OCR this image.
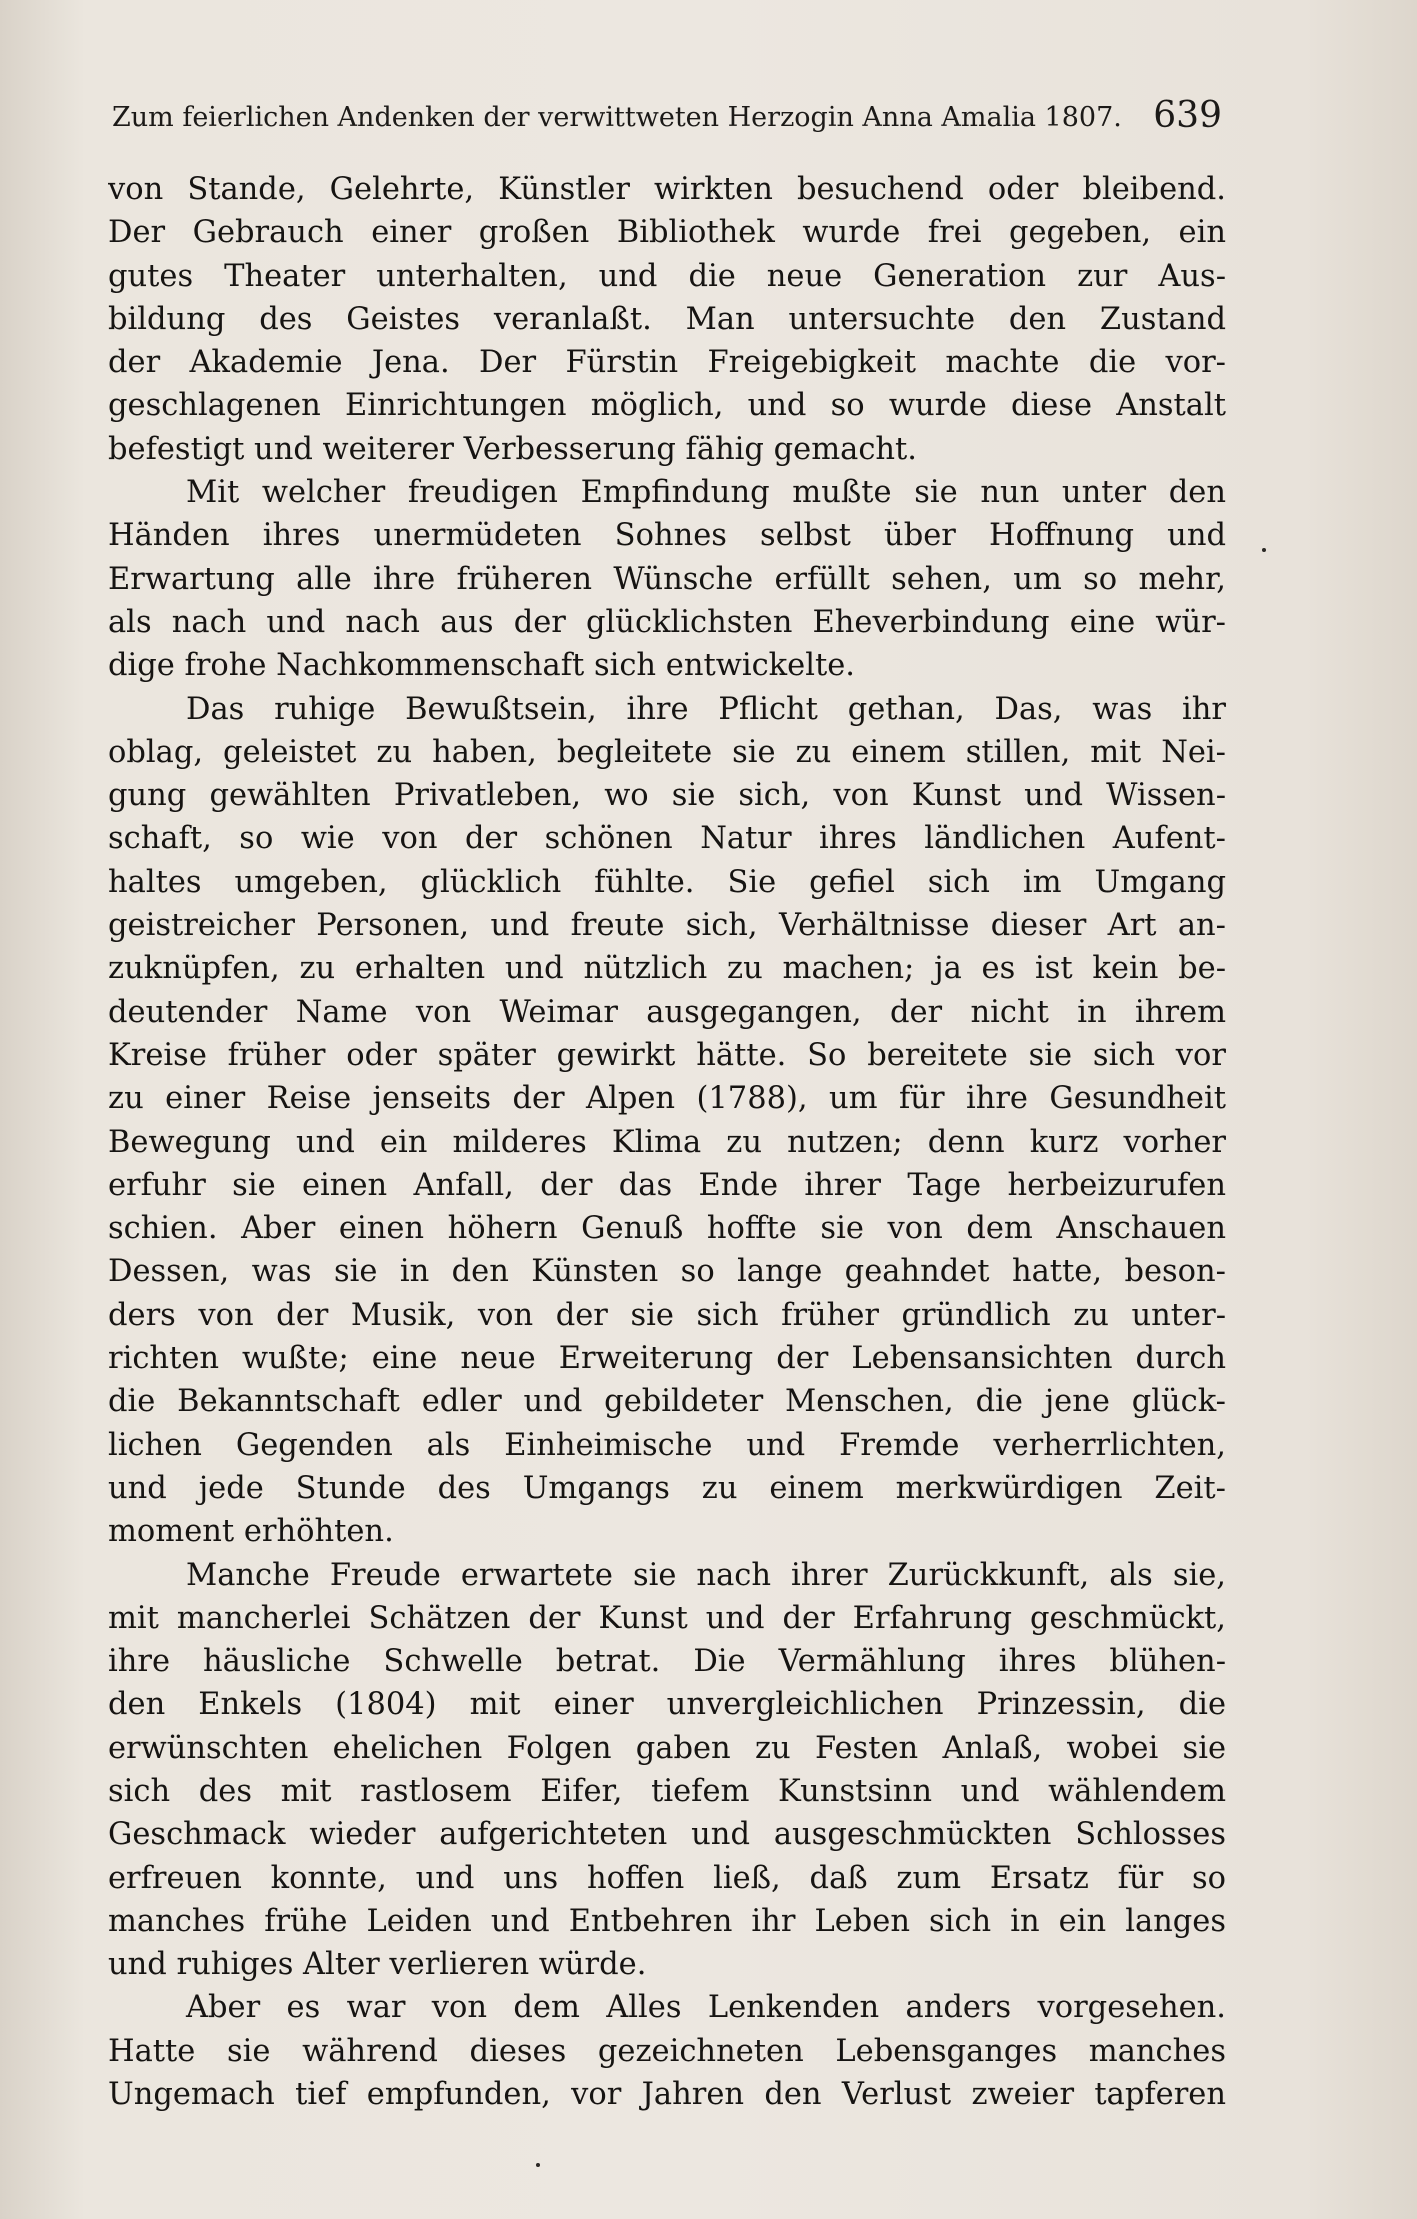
Zum feierlichen Andenken der verwittweten Herzogin Anna Amalia 1807. 639
von Stande, Gelehrte, Künstler wirkten besuchend oder bleibend.
Der Gebrauch einer großen Bibliothek wurde frei gegeben, ein
gutes Theater unterhalten, und die neue Generation zur Aus-
bildung des Geistes veranlaßt. Man untersuchte den Zustand
der Akademie Jena. Der Fürstin Freigebigkeit machte die vor-
geschlagenen Einrichtungen möglich, und so wurde diese Anstalt
befestigt und weiterer Verbesserung fähig gemacht.
Mit welcher freudigen Empfindung mußte sie nun unter den
Händen ihres unermüdeten Sohnes selbst über Hoffnung und
Erwartung alle ihre früheren Wünsche erfüllt sehen, um so mehr,
als nach und nach aus der glücklichsten Eheverbindung eine wür-
dige frohe Nachkommenschaft sich entwickelte.
Das ruhige Bewußtsein, ihre Pflicht gethan, Das, was ihr
oblag, geleistet zu haben, begleitete sie zu einem stillen, mit Nei-
gung gewählten Privatleben, wo sie sich, von Kunst und Wissen-
schaft, so wie von der schönen Natur ihres ländlichen Aufent-
haltes umgeben, glücklich fühlte. Sie gefiel sich im Umgang
geistreicher Personen, und freute sich, Verhältnisse dieser Art an-
zuknüpfen, zu erhalten und nützlich zu machen; ja es ist kein be-
deutender Name von Weimar ausgegangen, der nicht in ihrem
Kreise früher oder später gewirkt hätte. So bereitete sie sich vor
zu einer Reise jenseits der Alpen (1788), um für ihre Gesundheit
Bewegung und ein milderes Klima zu nutzen; denn kurz vorher
erfuhr sie einen Anfall, der das Ende ihrer Tage herbeizurufen
schien. Aber einen höhern Genuß hoffte sie von dem Anschauen
Dessen, was sie in den Künsten so lange geahndet hatte, beson-
ders von der Musik, von der sie sich früher gründlich zu unter-
richten wußte; eine neue Erweiterung der Lebensansichten durch
die Bekanntschaft edler und gebildeter Menschen, die jene glück-
lichen Gegenden als Einheimische und Fremde verherrlichten,
und jede Stunde des Umgangs zu einem merkwürdigen Zeit-
moment erhöhten.
Manche Freude erwartete sie nach ihrer Zurückkunft, als sie,
mit mancherlei Schätzen der Kunst und der Erfahrung geschmückt,
ihre häusliche Schwelle betrat. Die Vermählung ihres blühen-
den Enkels (1804) mit einer unvergleichlichen Prinzessin, die
erwünschten ehelichen Folgen gaben zu Festen Anlaß, wobei sie
sich des mit rastlosem Eifer, tiefem Kunstsinn und wählendem
Geschmack wieder aufgerichteten und ausgeschmückten Schlosses
erfreuen konnte, und uns hoffen ließ, daß zum Ersatz für so
manches frühe Leiden und Entbehren ihr Leben sich in ein langes
und ruhiges Alter verlieren würde.
Aber es war von dem Alles Lenkenden anders vorgesehen.
Hatte sie während dieses gezeichneten Lebensganges manches
Ungemach tief empfunden, vor Jahren den Verlust zweier tapferen
